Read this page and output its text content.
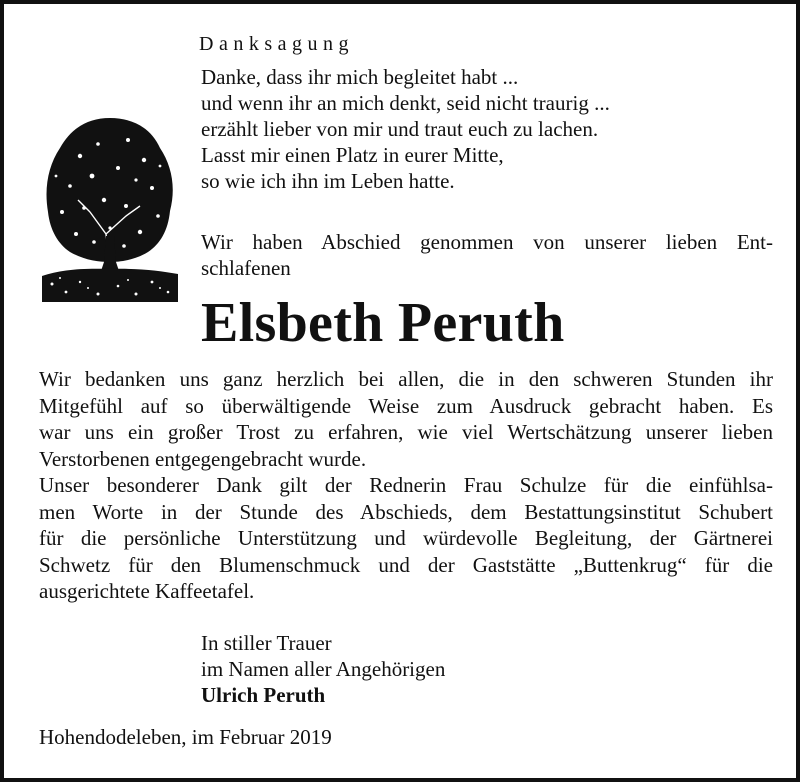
Danksagung
Danke, dass ihr mich begleitet habt ...
und wenn ihr an mich denkt, seid nicht traurig ...
erzählt lieber von mir und traut euch zu lachen.
Lasst mir einen Platz in eurer Mitte,
so wie ich ihn im Leben hatte.
Wir haben Abschied genommen von unserer lieben Ent-
schlafenen
Elsbeth Peruth
Wir bedanken uns ganz herzlich bei allen, die in den schweren Stunden ihr
Mitgefühl auf so überwältigende Weise zum Ausdruck gebracht haben. Es
war uns ein großer Trost zu erfahren, wie viel Wertschätzung unserer lieben
Verstorbenen entgegengebracht wurde.
Unser besonderer Dank gilt der Rednerin Frau Schulze für die einfühlsa-
men Worte in der Stunde des Abschieds, dem Bestattungsinstitut Schubert
für die persönliche Unterstützung und würdevolle Begleitung, der Gärtnerei
Schwetz für den Blumenschmuck und der Gaststätte „Buttenkrug“ für die
ausgerichtete Kaffeetafel.
In stiller Trauer
im Namen aller Angehörigen
Ulrich Peruth
Hohendodeleben, im Februar 2019
